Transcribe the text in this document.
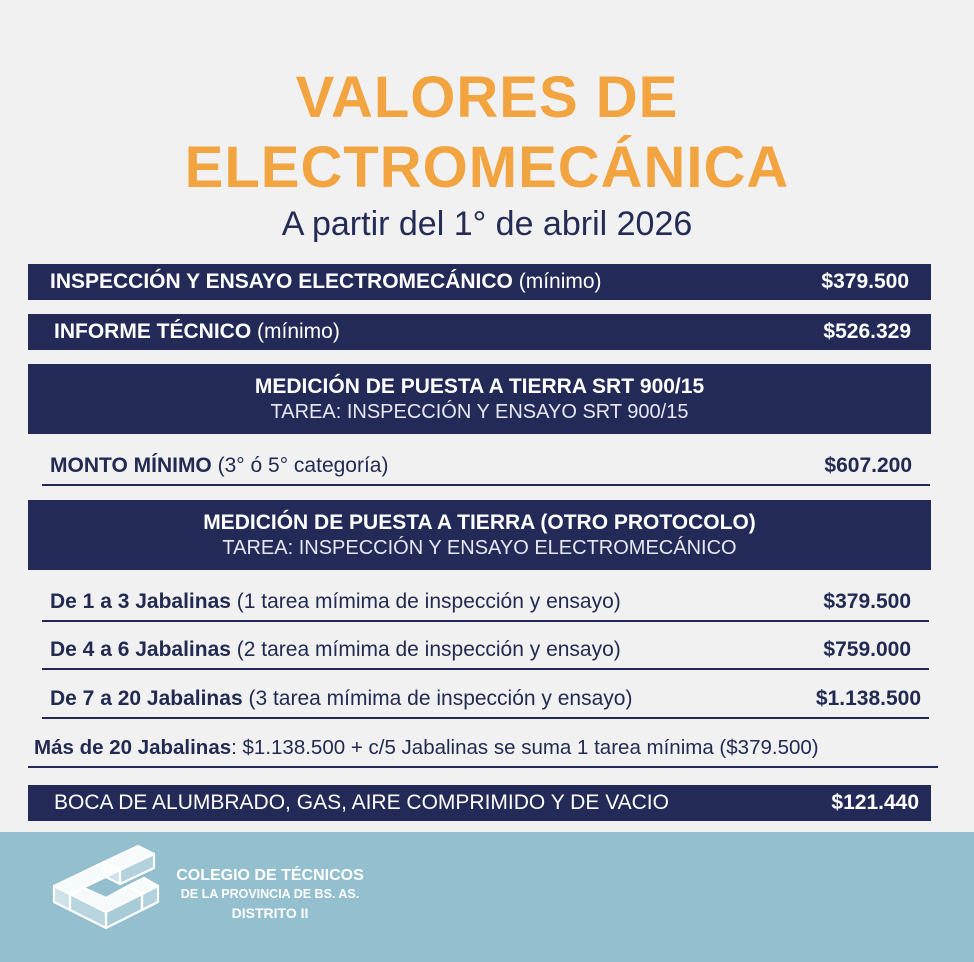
VALORES DE
ELECTROMECÁNICA
A partir del 1° de abril 2026
INSPECCIÓN Y ENSAYO ELECTROMECÁNICO (mínimo)	$379.500
INFORME TÉCNICO (mínimo)	$526.329
MEDICIÓN DE PUESTA A TIERRA SRT 900/15
TAREA: INSPECCIÓN Y ENSAYO SRT 900/15
MONTO MÍNIMO (3° ó 5° categoría)	$607.200
MEDICIÓN DE PUESTA A TIERRA (OTRO PROTOCOLO)
TAREA: INSPECCIÓN Y ENSAYO ELECTROMECÁNICO
De 1 a 3 Jabalinas (1 tarea mímima de inspección y ensayo)	$379.500
De 4 a 6 Jabalinas (2 tarea mímima de inspección y ensayo)	$759.000
De 7 a 20 Jabalinas (3 tarea mímima de inspección y ensayo)	$1.138.500
Más de 20 Jabalinas: $1.138.500 + c/5 Jabalinas se suma 1 tarea mínima ($379.500)
BOCA DE ALUMBRADO, GAS, AIRE COMPRIMIDO Y DE VACIO	$121.440
COLEGIO DE TÉCNICOS
DE LA PROVINCIA DE BS. AS.
DISTRITO II
